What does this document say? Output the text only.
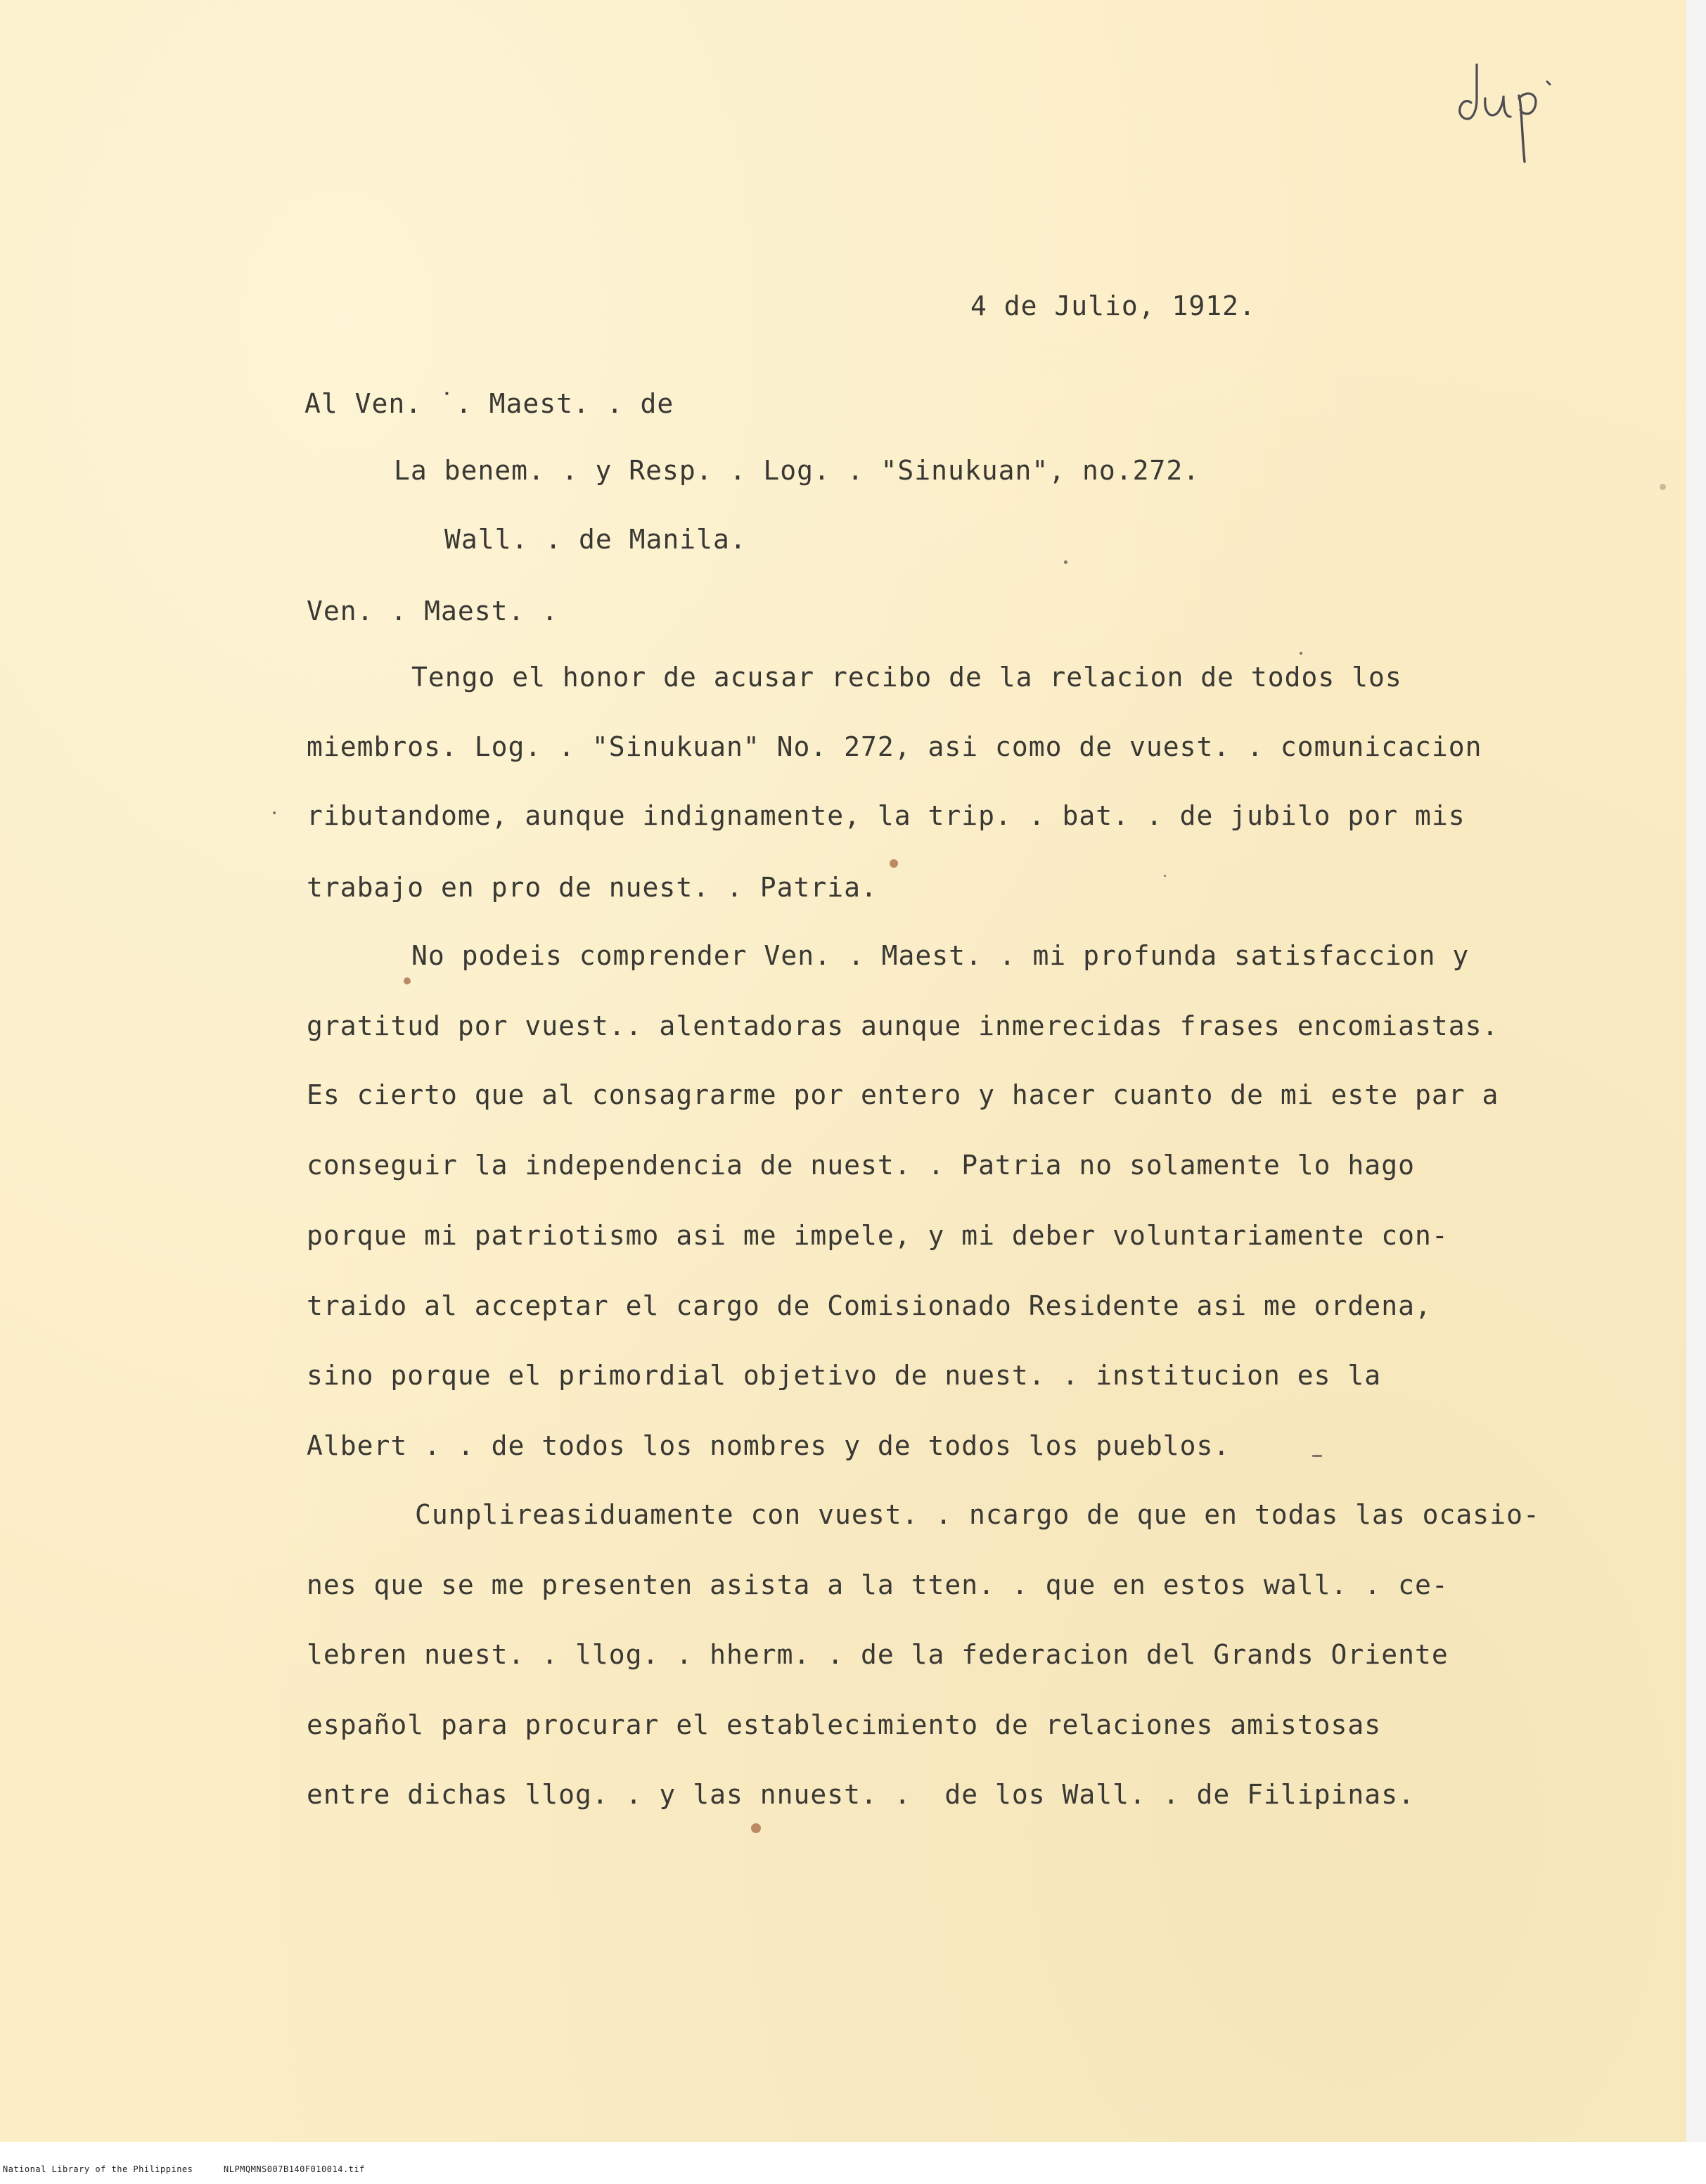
4 de Julio, 1912.
Al Ven. ˙. Maest. . de
La benem. . y Resp. . Log. . "Sinukuan", no.272.
Wall. . de Manila.
Ven. . Maest. .
Tengo el honor de acusar recibo de la relacion de todos los
miembros. Log. . "Sinukuan" No. 272, asi como de vuest. . comunicacion
ributandome, aunque indignamente, la trip. . bat. . de jubilo por mis
trabajo en pro de nuest. . Patria.
No podeis comprender Ven. . Maest. . mi profunda satisfaccion y
gratitud por vuest.. alentadoras aunque inmerecidas frases encomiastas.
Es cierto que al consagrarme por entero y hacer cuanto de mi este par a
conseguir la independencia de nuest. . Patria no solamente lo hago
porque mi patriotismo asi me impele, y mi deber voluntariamente con-
traido al acceptar el cargo de Comisionado Residente asi me ordena,
sino porque el primordial objetivo de nuest. . institucion es la
Albert . . de todos los nombres y de todos los pueblos.
Cunplireasiduamente con vuest. . ncargo de que en todas las ocasio-
nes que se me presenten asista a la tten. . que en estos wall. . ce-
lebren nuest. . llog. . hherm. . de la federacion del Grands Oriente
español para procurar el establecimiento de relaciones amistosas
entre dichas llog. . y las nnuest. .  de los Wall. . de Filipinas.
National Library of the Philippines	NLPMQMNS007B140F010014.tif
